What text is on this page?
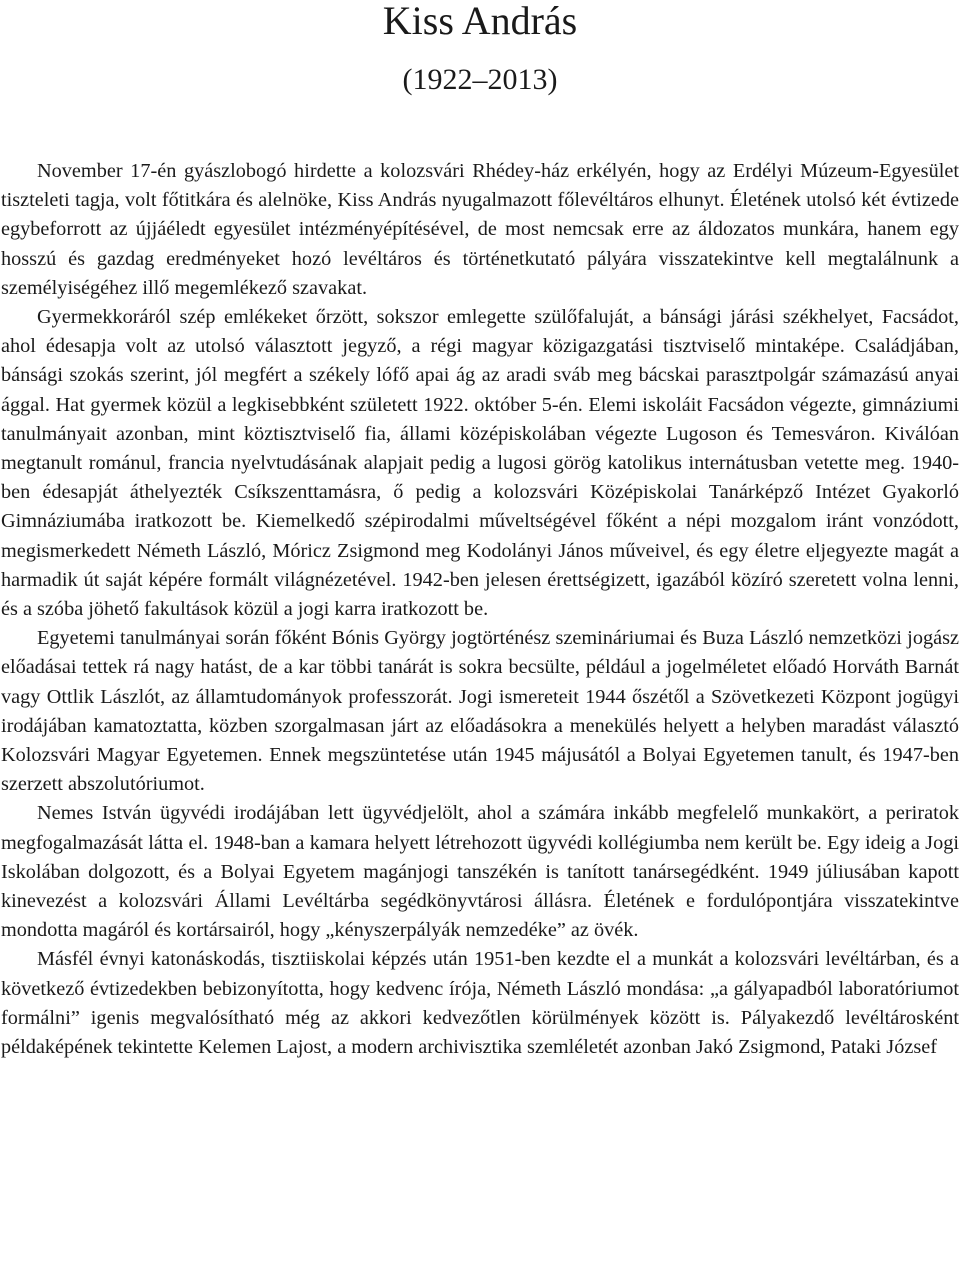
Kiss András
(1922–2013)

November 17-én gyászlobogó hirdette a kolozsvári Rhédey-ház erkélyén, hogy az Erdélyi Múzeum-Egyesület tiszteleti tagja, volt főtitkára és alelnöke, Kiss András nyugalmazott főlevéltáros elhunyt. Életének utolsó két évtizede egybeforrott az újjáéledt egyesület intézményépítésével, de most nemcsak erre az áldozatos munkára, hanem egy hosszú és gazdag eredményeket hozó levéltáros és történetkutató pályára visszatekintve kell megtalálnunk a személyiségéhez illő megemlékező szavakat.

Gyermekkoráról szép emlékeket őrzött, sokszor emlegette szülőfaluját, a bánsági járási székhelyet, Facsádot, ahol édesapja volt az utolsó választott jegyző, a régi magyar közigazgatási tisztviselő mintaképe. Családjában, bánsági szokás szerint, jól megfért a székely lófő apai ág az aradi sváb meg bácskai parasztpolgár számazású anyai ággal. Hat gyermek közül a legkisebbként született 1922. október 5-én. Elemi iskoláit Facsádon végezte, gimnáziumi tanulmányait azonban, mint köztisztviselő fia, állami középiskolában végezte Lugoson és Temesváron. Kiválóan megtanult románul, francia nyelvtudásának alapjait pedig a lugosi görög katolikus internátusban vetette meg. 1940-ben édesapját áthelyezték Csíkszenttamásra, ő pedig a kolozsvári Középiskolai Tanárképző Intézet Gyakorló Gimnáziumába iratkozott be. Kiemelkedő szépirodalmi műveltségével főként a népi mozgalom iránt vonzódott, megismerkedett Németh László, Móricz Zsigmond meg Kodolányi János műveivel, és egy életre eljegyezte magát a harmadik út saját képére formált világnézetével. 1942-ben jelesen érettségizett, igazából közíró szeretett volna lenni, és a szóba jöhető fakultások közül a jogi karra iratkozott be.

Egyetemi tanulmányai során főként Bónis György jogtörténész szemináriumai és Buza László nemzetközi jogász előadásai tettek rá nagy hatást, de a kar többi tanárát is sokra becsülte, például a jogelméletet előadó Horváth Barnát vagy Ottlik Lászlót, az államtudományok professzorát. Jogi ismereteit 1944 őszétől a Szövetkezeti Központ jogügyi irodájában kamatoztatta, közben szorgalmasan járt az előadásokra a menekülés helyett a helyben maradást választó Kolozsvári Magyar Egyetemen. Ennek megszüntetése után 1945 májusától a Bolyai Egyetemen tanult, és 1947-ben szerzett abszolutóriumot.

Nemes István ügyvédi irodájában lett ügyvédjelölt, ahol a számára inkább megfelelő munkakört, a periratok megfogalmazását látta el. 1948-ban a kamara helyett létrehozott ügyvédi kollégiumba nem került be. Egy ideig a Jogi Iskolában dolgozott, és a Bolyai Egyetem magánjogi tanszékén is tanított tanársegédként. 1949 júliusában kapott kinevezést a kolozsvári Állami Levéltárba segédkönyvtárosi állásra. Életének e fordulópontjára visszatekintve mondotta magáról és kortársairól, hogy „kényszerpályák nemzedéke” az övék.

Másfél évnyi katonáskodás, tisztiiskolai képzés után 1951-ben kezdte el a munkát a kolozsvári levéltárban, és a következő évtizedekben bebizonyította, hogy kedvenc írója, Németh László mondása: „a gályapadból laboratóriumot formálni” igenis megvalósítható még az akkori kedvezőtlen körülmények között is. Pályakezdő levéltárosként példaképének tekintette Kelemen Lajost, a modern archivisztika szemléletét azonban Jakó Zsigmond, Pataki József
